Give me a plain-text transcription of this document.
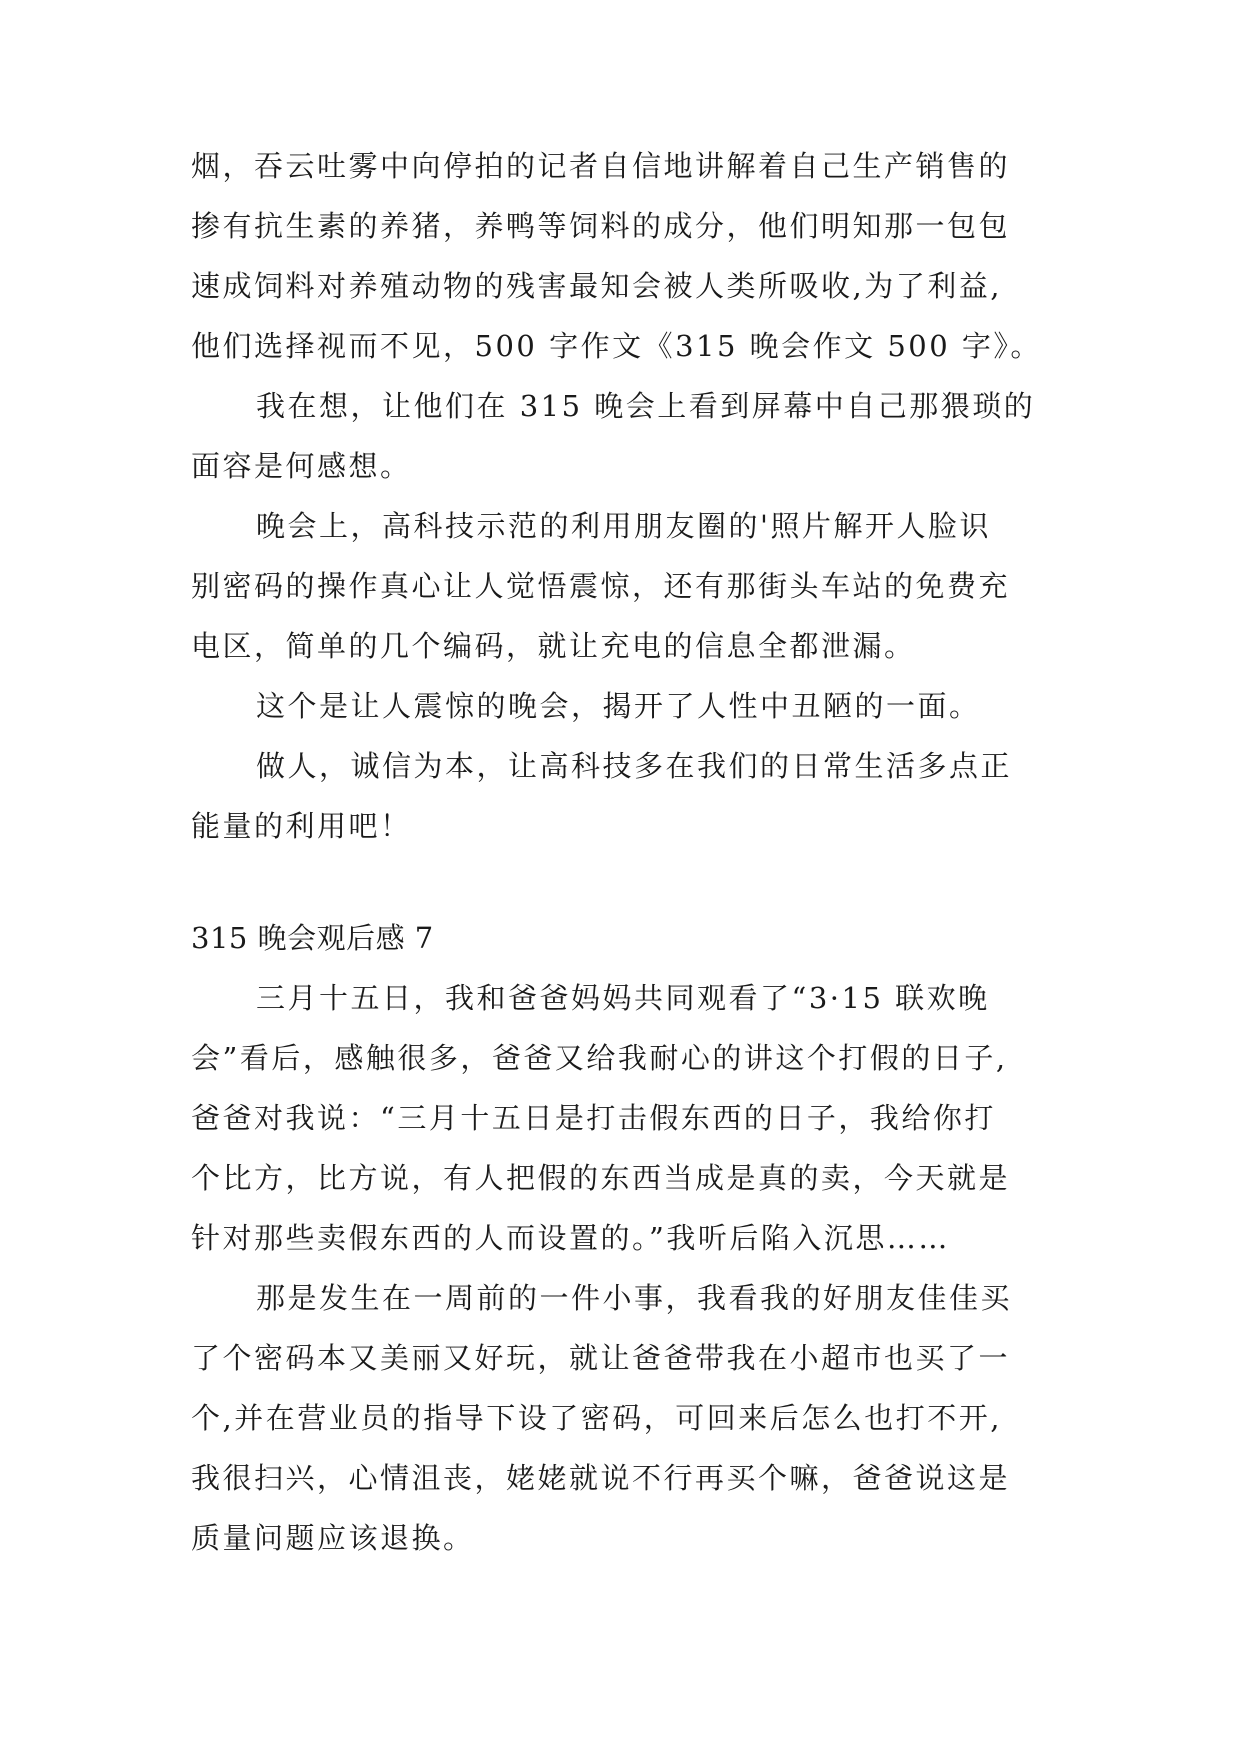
烟，吞云吐雾中向停拍的记者自信地讲解着自己生产销售的

掺有抗生素的养猪，养鸭等饲料的成分，他们明知那一包包

速成饲料对养殖动物的残害最知会被人类所吸收,为了利益,

他们选择视而不见，500 字作文《315 晚会作文 500 字》。

我在想，让他们在 315 晚会上看到屏幕中自己那猥琐的

面容是何感想。

晚会上，高科技示范的利用朋友圈的'照片解开人脸识

别密码的操作真心让人觉悟震惊，还有那街头车站的免费充

电区，简单的几个编码，就让充电的信息全都泄漏。

这个是让人震惊的晚会，揭开了人性中丑陋的一面。

做人，诚信为本，让高科技多在我们的日常生活多点正

能量的利用吧！

315 晚会观后感 7

三月十五日，我和爸爸妈妈共同观看了“3·15 联欢晚

会”看后，感触很多，爸爸又给我耐心的讲这个打假的日子,

爸爸对我说：“三月十五日是打击假东西的日子，我给你打

个比方，比方说，有人把假的东西当成是真的卖，今天就是

针对那些卖假东西的人而设置的。”我听后陷入沉思……

那是发生在一周前的一件小事，我看我的好朋友佳佳买

了个密码本又美丽又好玩，就让爸爸带我在小超市也买了一

个,并在营业员的指导下设了密码，可回来后怎么也打不开,

我很扫兴，心情沮丧，姥姥就说不行再买个嘛，爸爸说这是

质量问题应该退换。
